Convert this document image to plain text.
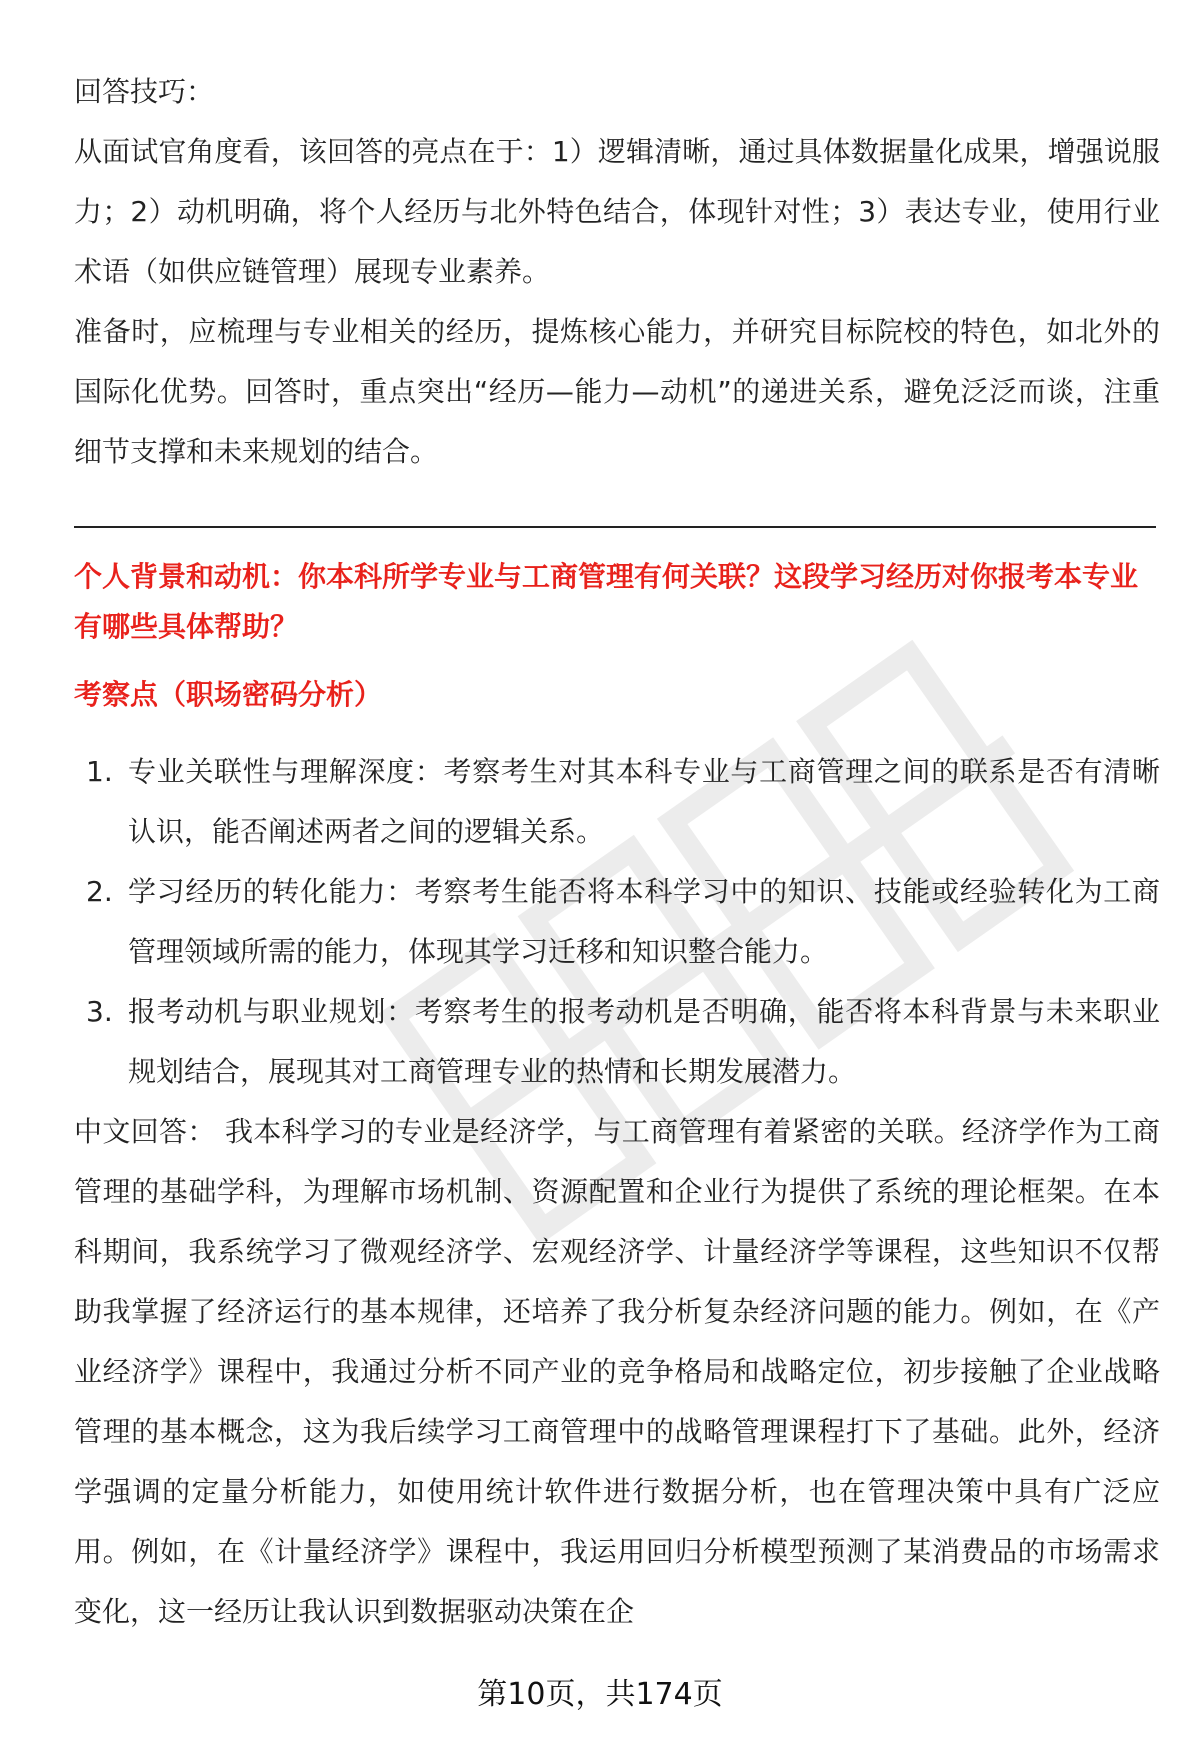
回答技巧：

从面试官角度看，该回答的亮点在于：1）逻辑清晰，通过具体数据量化成果，增强说服力；2）动机明确，将个人经历与北外特色结合，体现针对性；3）表达专业，使用行业术语（如供应链管理）展现专业素养。

准备时，应梳理与专业相关的经历，提炼核心能力，并研究目标院校的特色，如北外的国际化优势。回答时，重点突出“经历—能力—动机”的递进关系，避免泛泛而谈，注重细节支撑和未来规划的结合。

个人背景和动机：你本科所学专业与工商管理有何关联？这段学习经历对你报考本专业有哪些具体帮助？
考察点（职场密码分析）
1. 专业关联性与理解深度：考察考生对其本科专业与工商管理之间的联系是否有清晰认识，能否阐述两者之间的逻辑关系。
2. 学习经历的转化能力：考察考生能否将本科学习中的知识、技能或经验转化为工商管理领域所需的能力，体现其学习迁移和知识整合能力。
3. 报考动机与职业规划：考察考生的报考动机是否明确，能否将本科背景与未来职业规划结合，展现其对工商管理专业的热情和长期发展潜力。

中文回答： 我本科学习的专业是经济学，与工商管理有着紧密的关联。经济学作为工商管理的基础学科，为理解市场机制、资源配置和企业行为提供了系统的理论框架。在本科期间，我系统学习了微观经济学、宏观经济学、计量经济学等课程，这些知识不仅帮助我掌握了经济运行的基本规律，还培养了我分析复杂经济问题的能力。例如，在《产业经济学》课程中，我通过分析不同产业的竞争格局和战略定位，初步接触了企业战略管理的基本概念，这为我后续学习工商管理中的战略管理课程打下了基础。此外，经济学强调的定量分析能力，如使用统计软件进行数据分析，也在管理决策中具有广泛应用。例如，在《计量经济学》课程中，我运用回归分析模型预测了某消费品的市场需求变化，这一经历让我认识到数据驱动决策在企

第10页，共174页
